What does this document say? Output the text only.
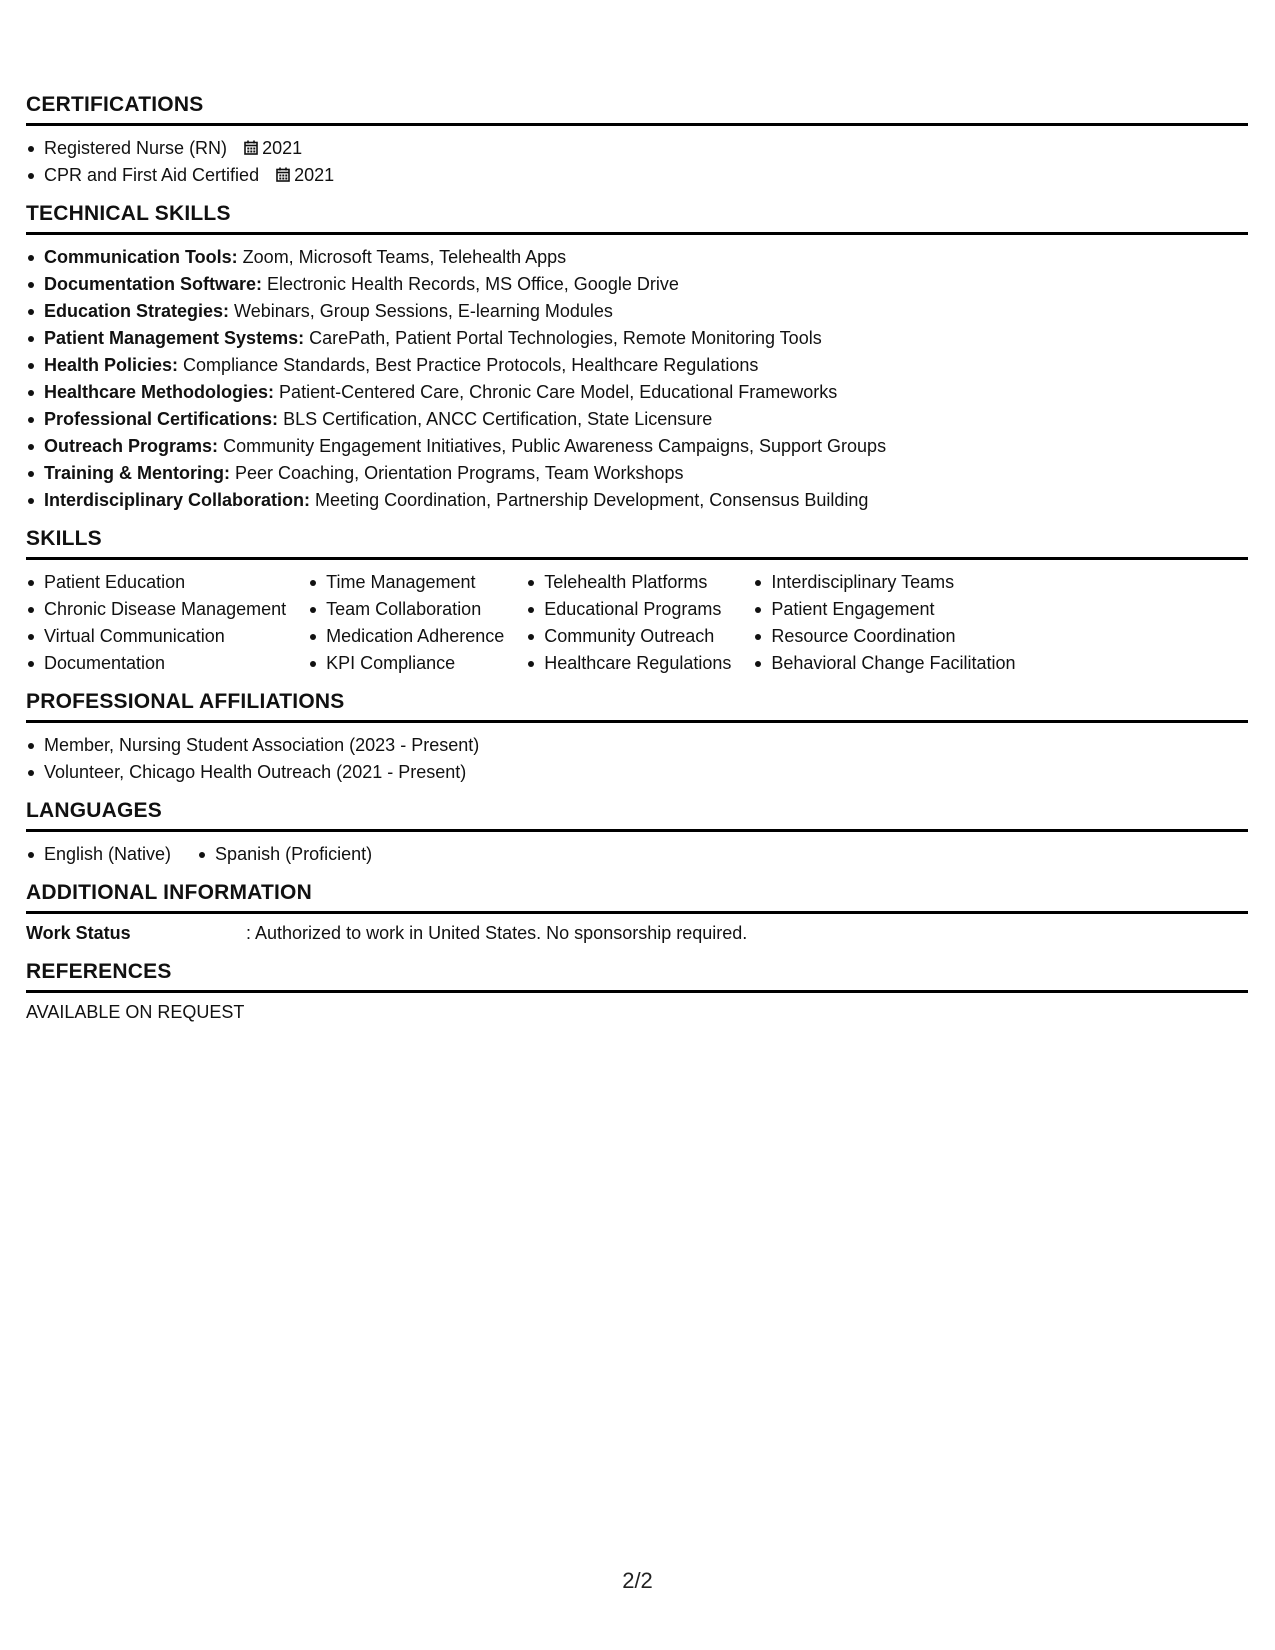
CERTIFICATIONS
Registered Nurse (RN) 2021
CPR and First Aid Certified 2021
TECHNICAL SKILLS
Communication Tools: Zoom, Microsoft Teams, Telehealth Apps
Documentation Software: Electronic Health Records, MS Office, Google Drive
Education Strategies: Webinars, Group Sessions, E-learning Modules
Patient Management Systems: CarePath, Patient Portal Technologies, Remote Monitoring Tools
Health Policies: Compliance Standards, Best Practice Protocols, Healthcare Regulations
Healthcare Methodologies: Patient-Centered Care, Chronic Care Model, Educational Frameworks
Professional Certifications: BLS Certification, ANCC Certification, State Licensure
Outreach Programs: Community Engagement Initiatives, Public Awareness Campaigns, Support Groups
Training & Mentoring: Peer Coaching, Orientation Programs, Team Workshops
Interdisciplinary Collaboration: Meeting Coordination, Partnership Development, Consensus Building
SKILLS
Patient Education
Chronic Disease Management
Virtual Communication
Documentation
Time Management
Team Collaboration
Medication Adherence
KPI Compliance
Telehealth Platforms
Educational Programs
Community Outreach
Healthcare Regulations
Interdisciplinary Teams
Patient Engagement
Resource Coordination
Behavioral Change Facilitation
PROFESSIONAL AFFILIATIONS
Member, Nursing Student Association (2023 - Present)
Volunteer, Chicago Health Outreach (2021 - Present)
LANGUAGES
English (Native)	Spanish (Proficient)
ADDITIONAL INFORMATION
Work Status	: Authorized to work in United States. No sponsorship required.
REFERENCES
AVAILABLE ON REQUEST
2/2
